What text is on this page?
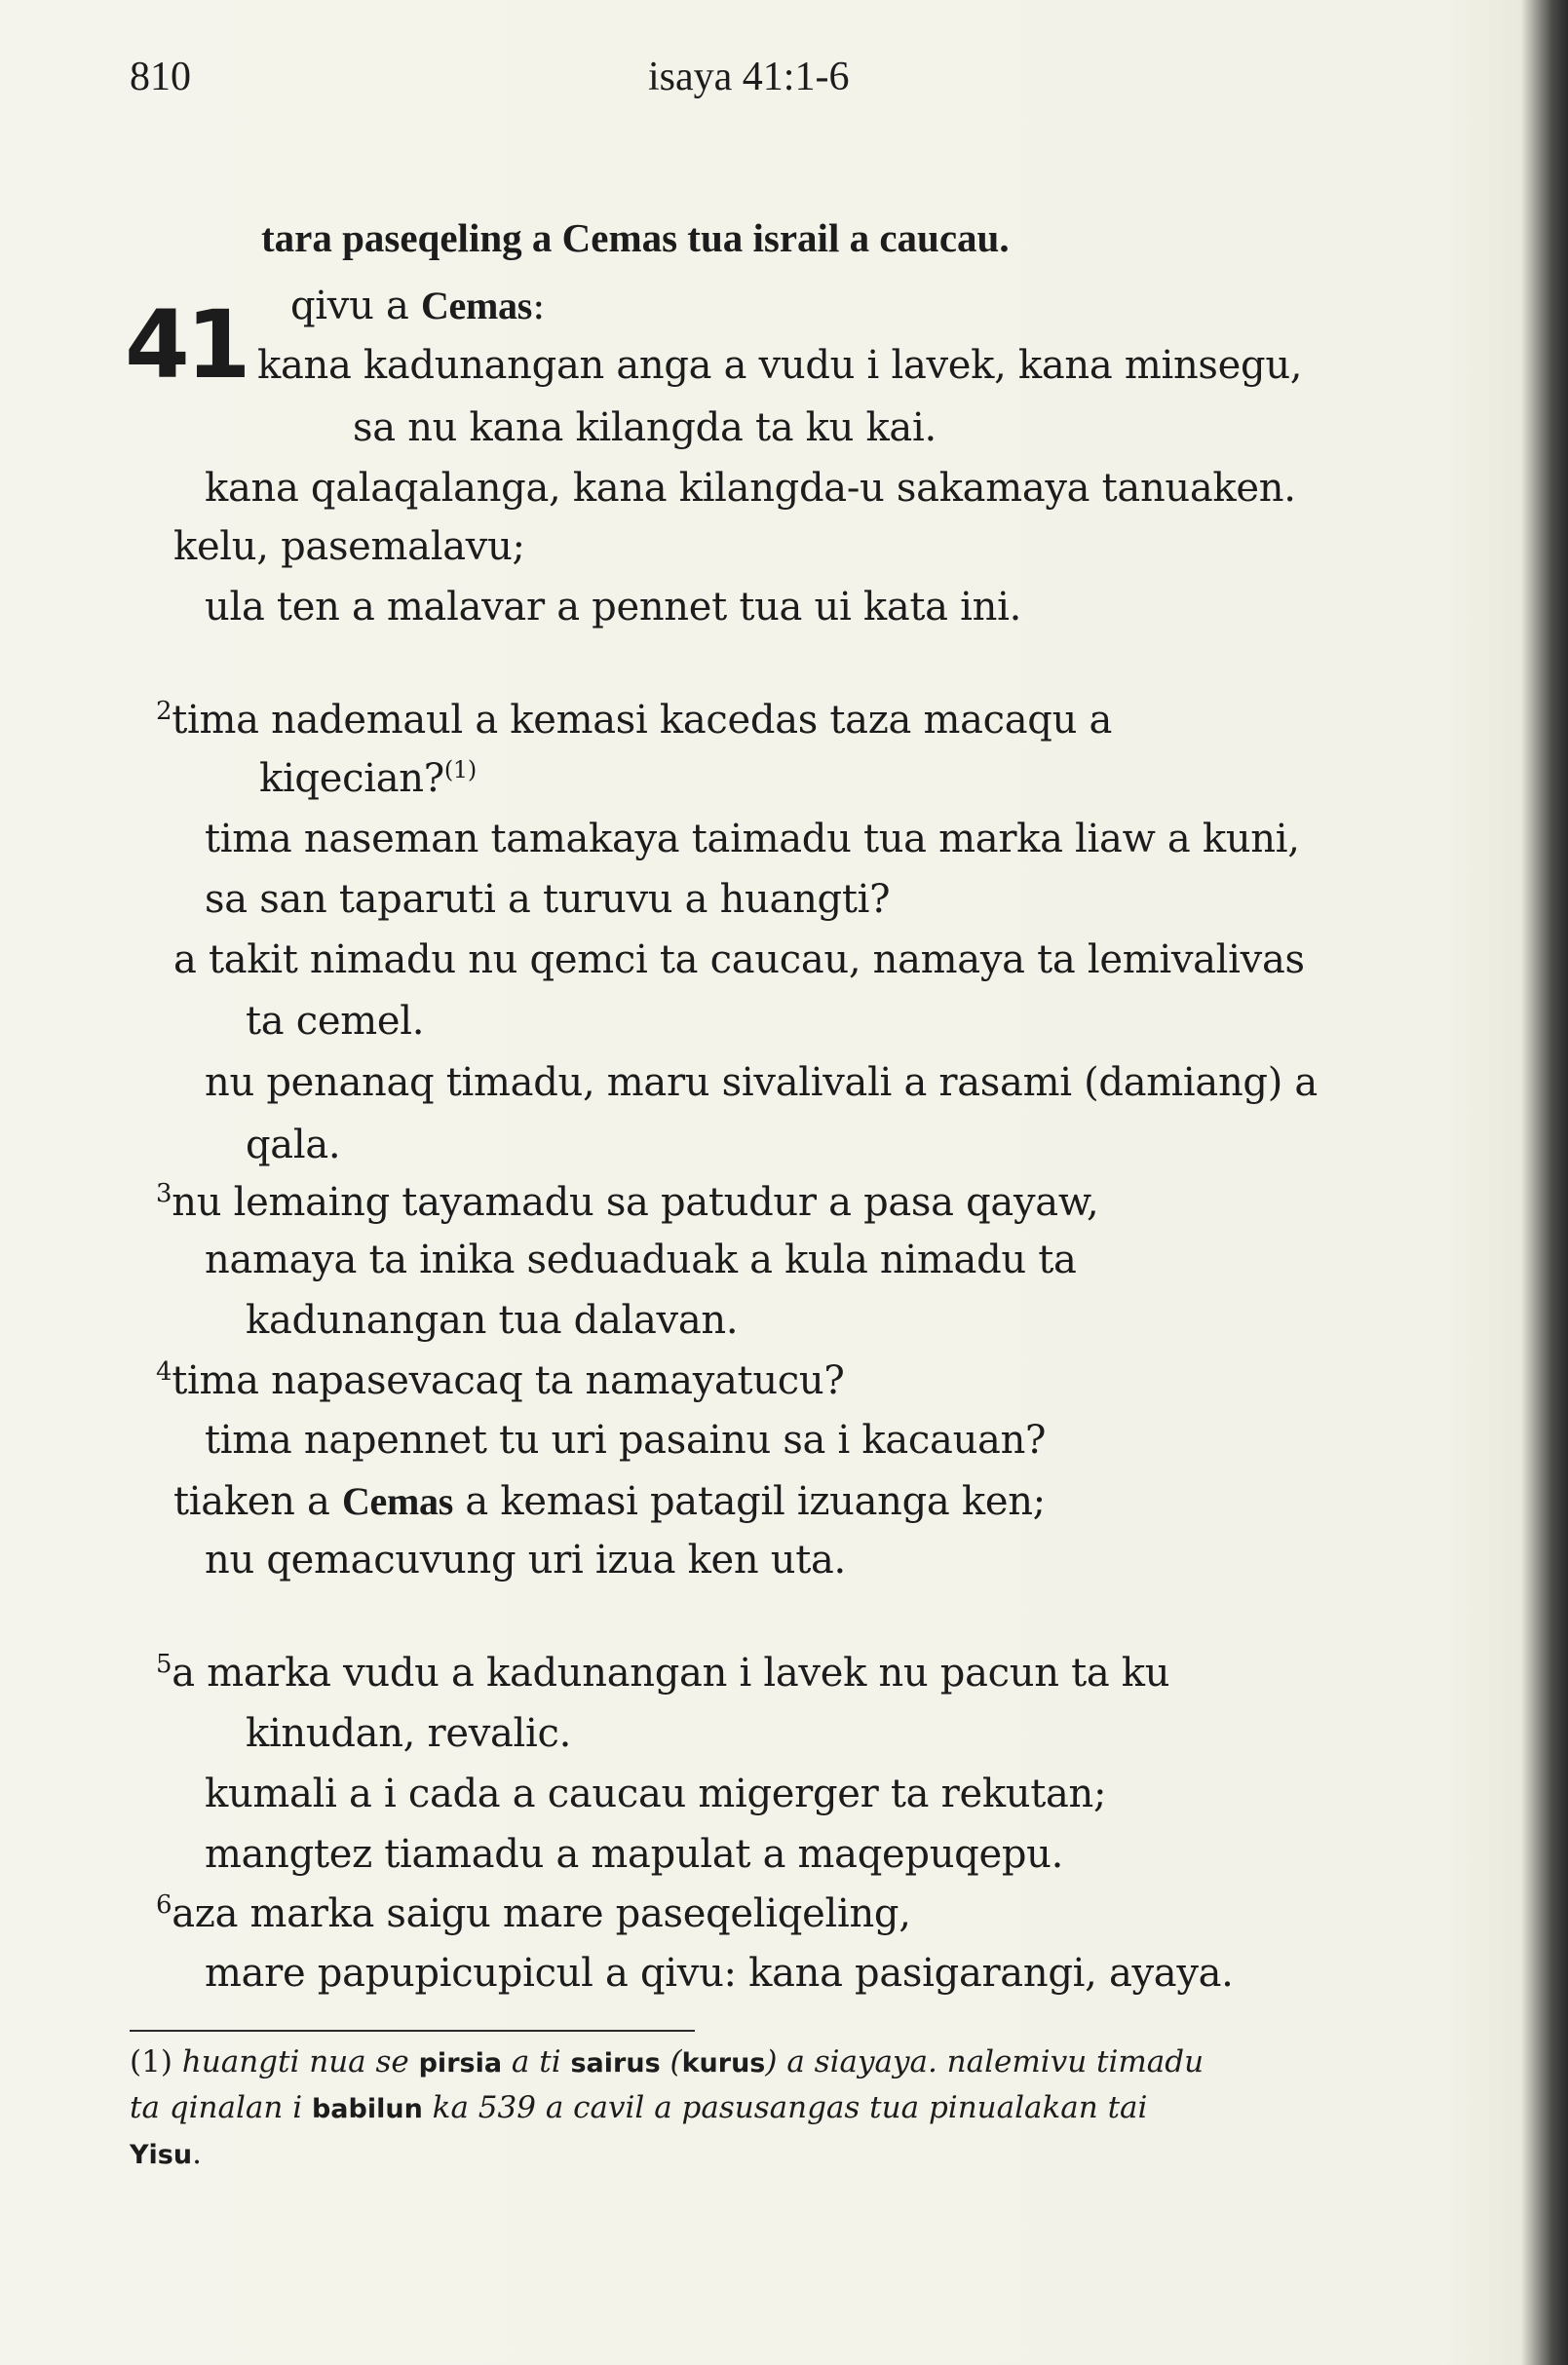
810	isaya 41:1-6
tara paseqeling a Cemas tua israil a caucau.
41 qivu a Cemas:
kana kadunangan anga a vudu i lavek, kana minsegu,
sa nu kana kilangda ta ku kai.
kana qalaqalanga, kana kilangda-u sakamaya tanuaken.
kelu, pasemalavu;
ula ten a malavar a pennet tua ui kata ini.
$^2$tima nademaul a kemasi kacedas taza macaqu a
kiqecian?$^{(1)}$
tima naseman tamakaya taimadu tua marka liaw a kuni,
sa san taparuti a turuvu a huangti?
a takit nimadu nu qemci ta caucau, namaya ta lemivalivas
ta cemel.
nu penanaq timadu, maru sivalivali a rasami (damiang) a
qala.
$^3$nu lemaing tayamadu sa patudur a pasa qayaw,
namaya ta inika seduaduak a kula nimadu ta
kadunangan tua dalavan.
$^4$tima napasevacaq ta namayatucu?
tima napennet tu uri pasainu sa i kacauan?
tiaken a Cemas a kemasi patagil izuanga ken;
nu qemacuvung uri izua ken uta.
$^5$a marka vudu a kadunangan i lavek nu pacun ta ku
kinudan, revalic.
kumali a i cada a caucau migerger ta rekutan;
mangtez tiamadu a mapulat a maqepuqepu.
$^6$aza marka saigu mare paseqeliqeling,
mare papupicupicul a qivu: kana pasigarangi, ayaya.
(1) huangti nua se pirsia a ti sairus (kurus) a siayaya. nalemivu timadu
ta qinalan i babilun ka 539 a cavil a pasusangas tua pinualakan tai
Yisu.
